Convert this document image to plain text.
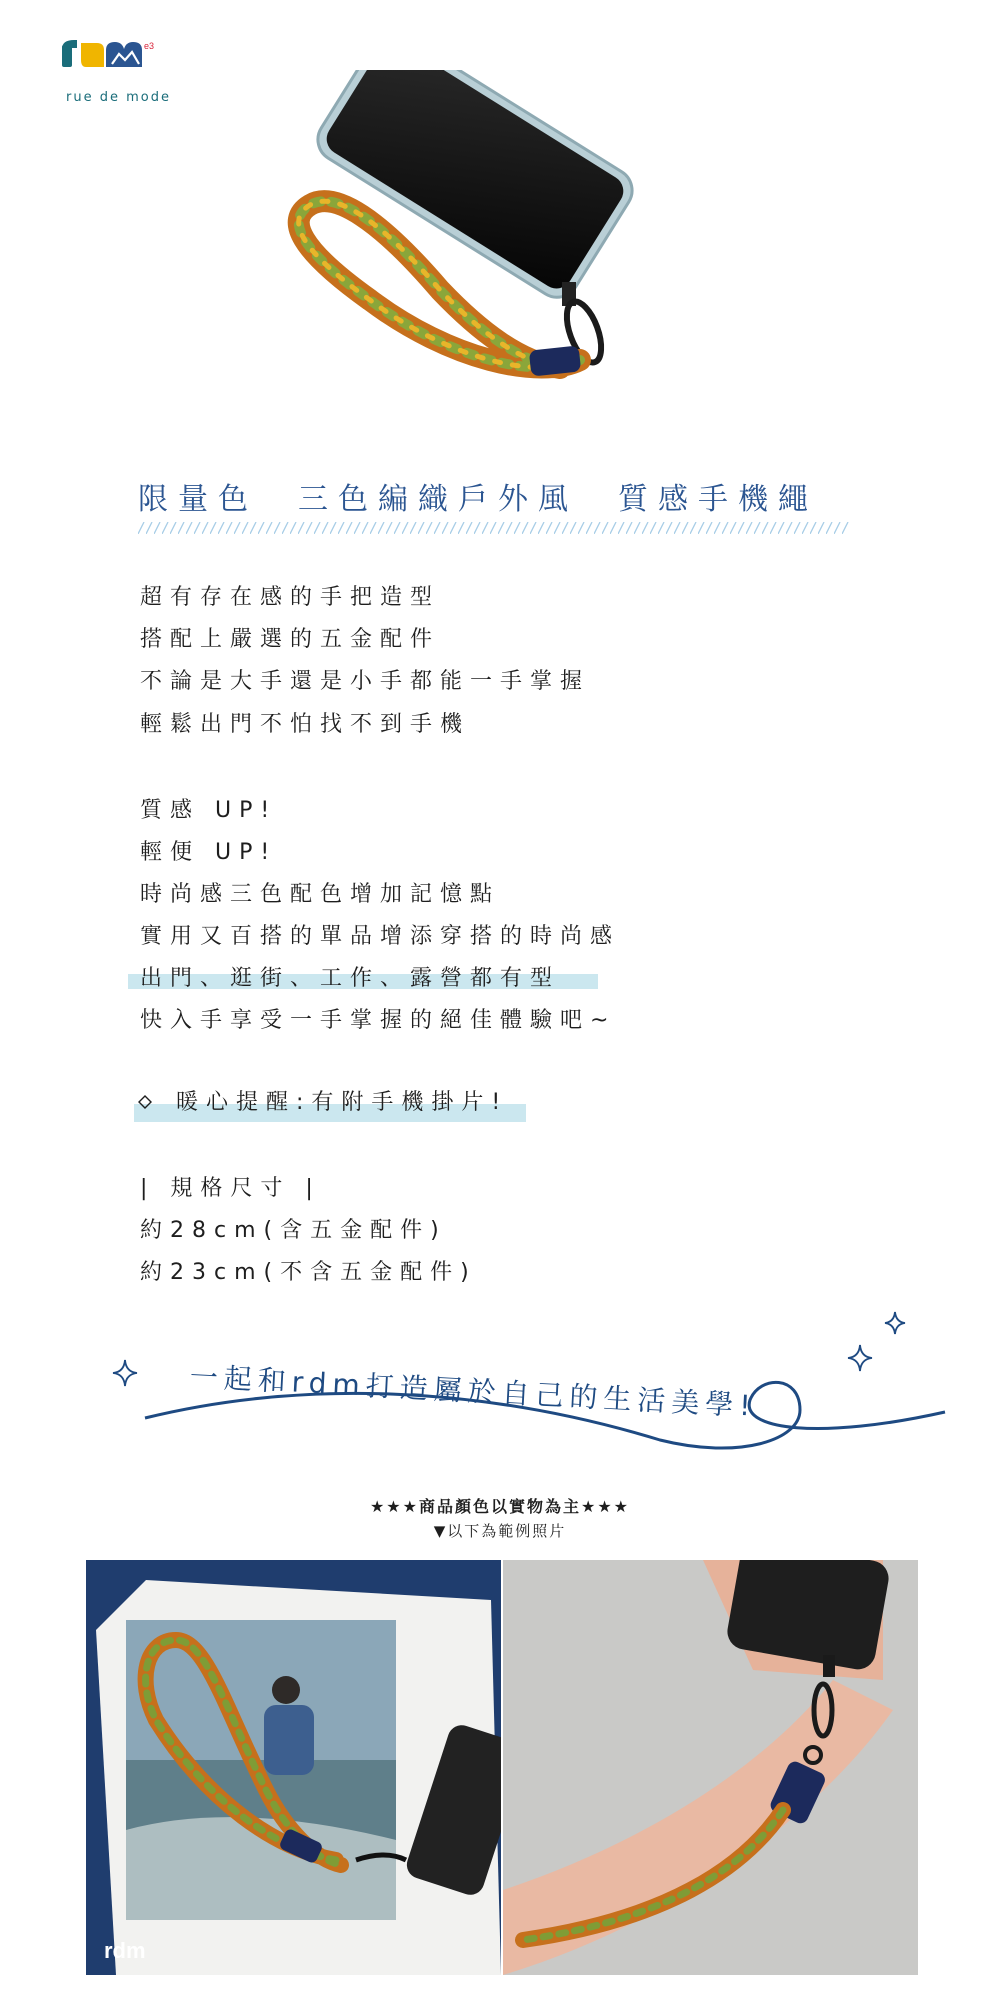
e3
rue de mode
限量色　三色編織戶外風　質感手機繩
超有存在感的手把造型
搭配上嚴選的五金配件
不論是大手還是小手都能一手掌握
輕鬆出門不怕找不到手機
質感 UP!
輕便 UP!
時尚感三色配色增加記憶點
實用又百搭的單品增添穿搭的時尚感
出門、逛街、工作、露營都有型
快入手享受一手掌握的絕佳體驗吧~
暖心提醒:有附手機掛片!
| 規格尺寸 |
約28cm(含五金配件)
約23cm(不含五金配件)
一起和rdm打造屬於自己的生活美學!
★★★商品顏色以實物為主★★★
▼以下為範例照片
rdm
